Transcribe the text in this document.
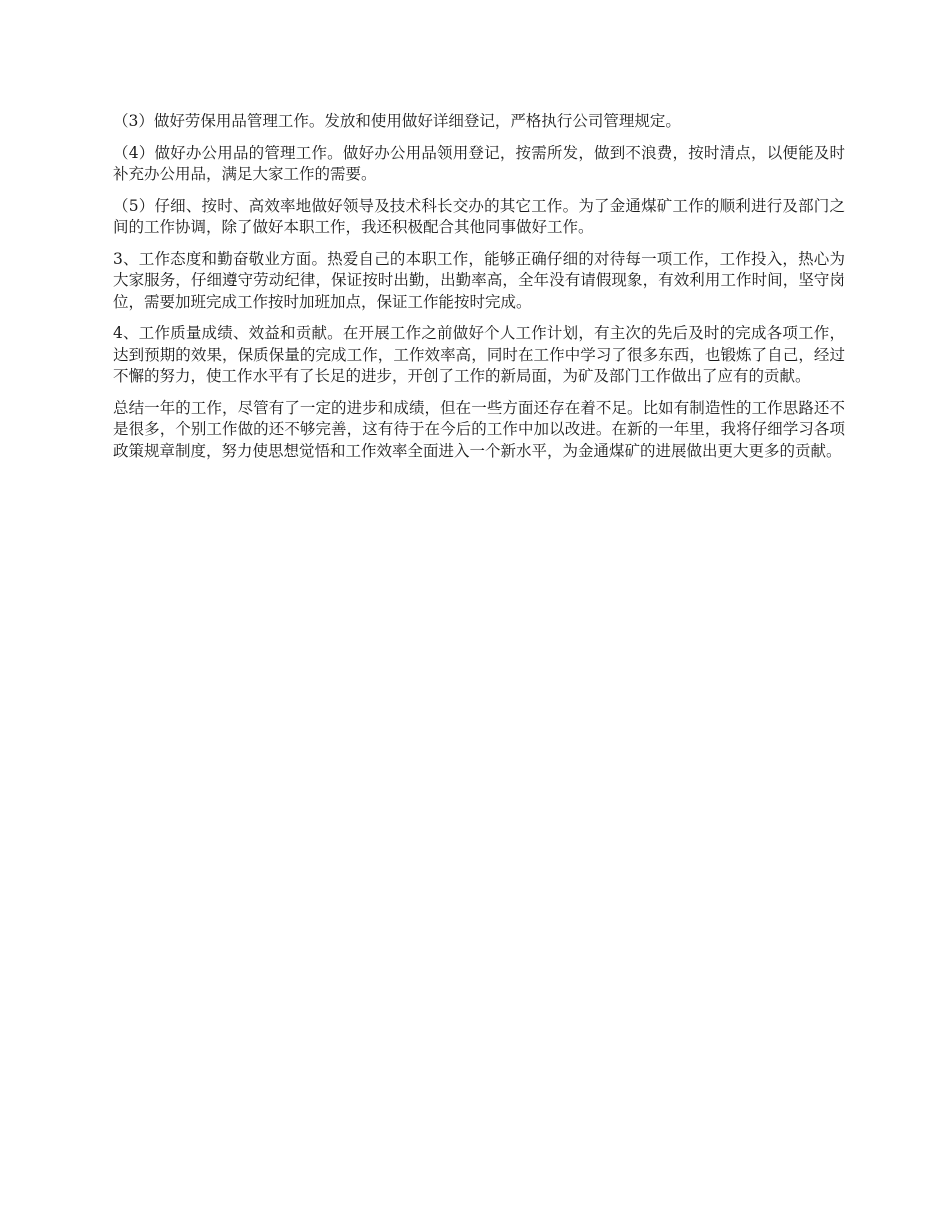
（3）做好劳保用品管理工作。发放和使用做好详细登记，严格执行公司管理规定。

（4）做好办公用品的管理工作。做好办公用品领用登记，按需所发，做到不浪费，按时清点，以便能及时补充办公用品，满足大家工作的需要。

（5）仔细、按时、高效率地做好领导及技术科长交办的其它工作。为了金通煤矿工作的顺利进行及部门之间的工作协调，除了做好本职工作，我还积极配合其他同事做好工作。

3、工作态度和勤奋敬业方面。热爱自己的本职工作，能够正确仔细的对待每一项工作，工作投入，热心为大家服务，仔细遵守劳动纪律，保证按时出勤，出勤率高，全年没有请假现象，有效利用工作时间，坚守岗位，需要加班完成工作按时加班加点，保证工作能按时完成。

4、工作质量成绩、效益和贡献。在开展工作之前做好个人工作计划，有主次的先后及时的完成各项工作，达到预期的效果，保质保量的完成工作，工作效率高，同时在工作中学习了很多东西，也锻炼了自己，经过不懈的努力，使工作水平有了长足的进步，开创了工作的新局面，为矿及部门工作做出了应有的贡献。

总结一年的工作，尽管有了一定的进步和成绩，但在一些方面还存在着不足。比如有制造性的工作思路还不是很多，个别工作做的还不够完善，这有待于在今后的工作中加以改进。在新的一年里，我将仔细学习各项政策规章制度，努力使思想觉悟和工作效率全面进入一个新水平，为金通煤矿的进展做出更大更多的贡献。
